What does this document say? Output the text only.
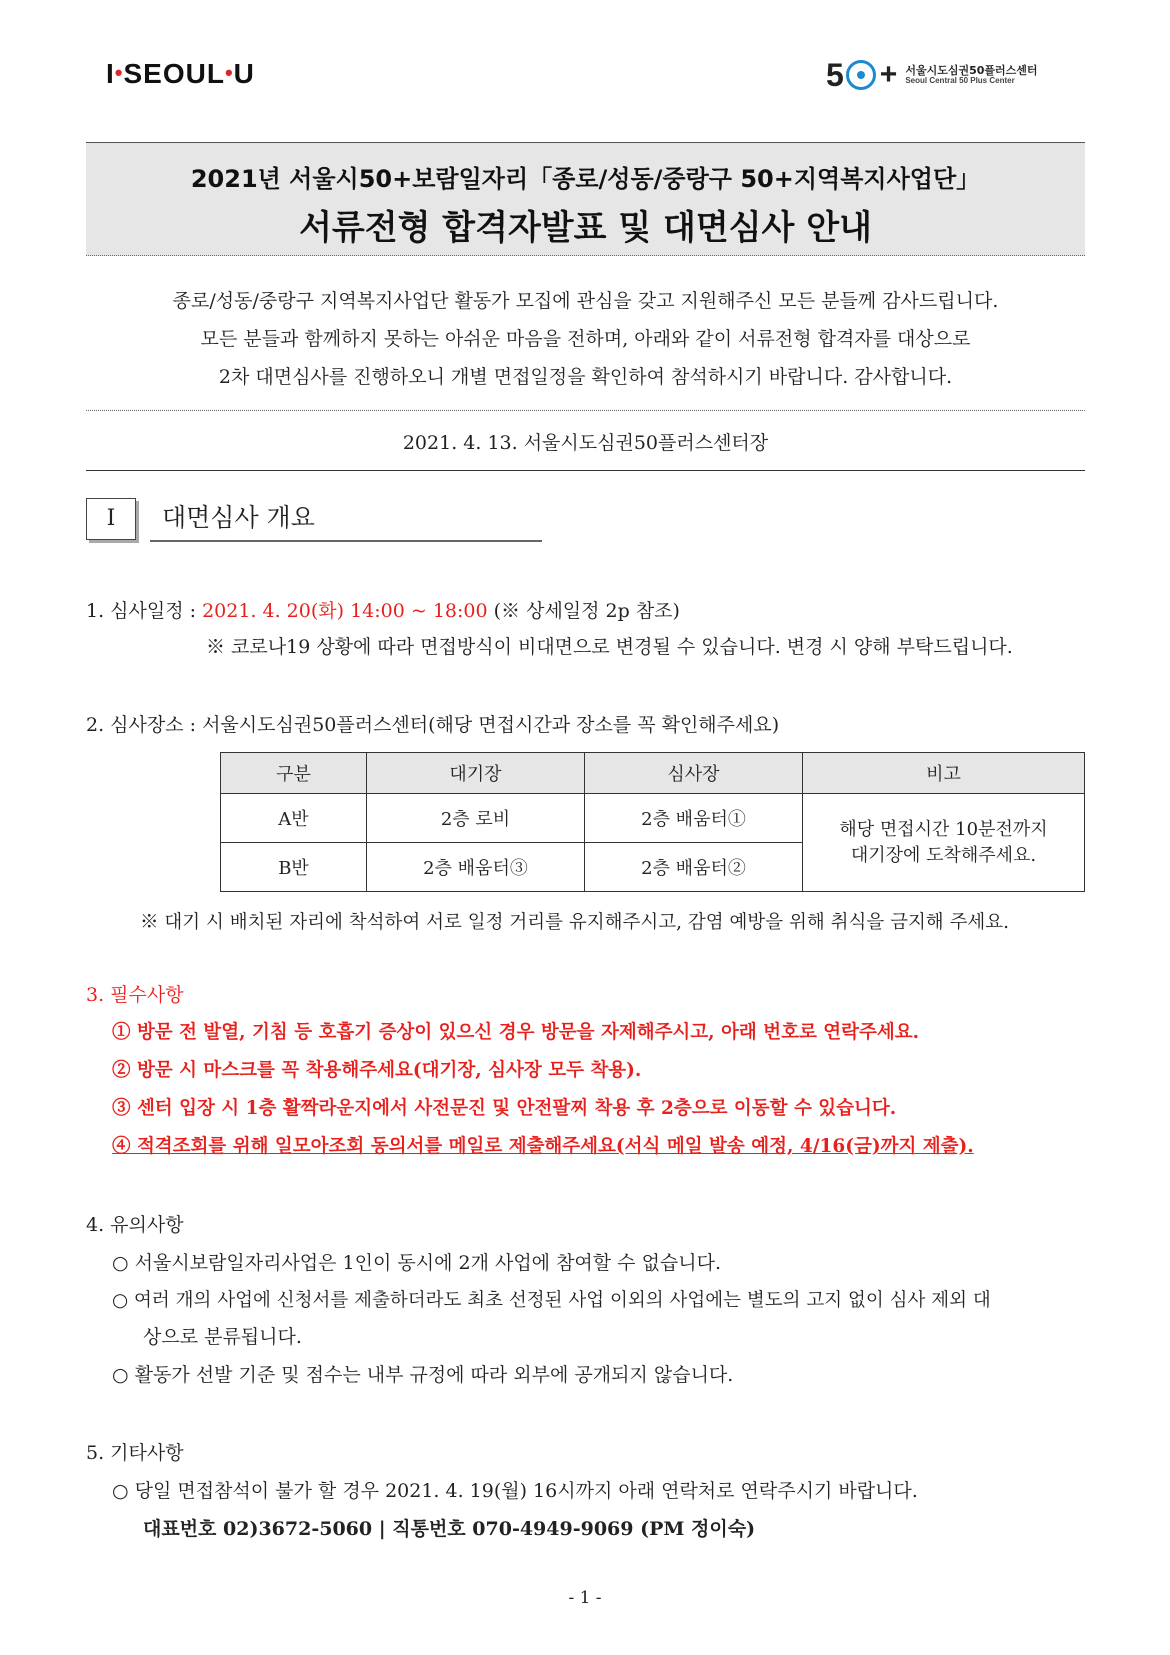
I•SEOUL•U	5 + 서울시도심권50플러스센터
Seoul Central 50 Plus Center
2021년 서울시50+보람일자리「종로/성동/중랑구 50+지역복지사업단」
서류전형 합격자발표 및 대면심사 안내
종로/성동/중랑구 지역복지사업단 활동가 모집에 관심을 갖고 지원해주신 모든 분들께 감사드립니다.
모든 분들과 함께하지 못하는 아쉬운 마음을 전하며, 아래와 같이 서류전형 합격자를 대상으로
2차 대면심사를 진행하오니 개별 면접일정을 확인하여 참석하시기 바랍니다. 감사합니다.
2021. 4. 13. 서울시도심권50플러스센터장
I	대면심사 개요
1. 심사일정 : 2021. 4. 20(화) 14:00 ~ 18:00 (※ 상세일정 2p 참조)
※ 코로나19 상황에 따라 면접방식이 비대면으로 변경될 수 있습니다. 변경 시 양해 부탁드립니다.
2. 심사장소 : 서울시도심권50플러스센터(해당 면접시간과 장소를 꼭 확인해주세요)
구분	대기장	심사장	비고
A반	2층 로비	2층 배움터①	해당 면접시간 10분전까지
대기장에 도착해주세요.

B반	2층 배움터③	2층 배움터②	
※ 대기 시 배치된 자리에 착석하여 서로 일정 거리를 유지해주시고, 감염 예방을 위해 취식을 금지해 주세요.
3. 필수사항
① 방문 전 발열, 기침 등 호흡기 증상이 있으신 경우 방문을 자제해주시고, 아래 번호로 연락주세요.
② 방문 시 마스크를 꼭 착용해주세요(대기장, 심사장 모두 착용).
③ 센터 입장 시 1층 활짝라운지에서 사전문진 및 안전팔찌 착용 후 2층으로 이동할 수 있습니다.
④ 적격조회를 위해 일모아조회 동의서를 메일로 제출해주세요(서식 메일 발송 예정, 4/16(금)까지 제출).
4. 유의사항
○ 서울시보람일자리사업은 1인이 동시에 2개 사업에 참여할 수 없습니다.
○ 여러 개의 사업에 신청서를 제출하더라도 최초 선정된 사업 이외의 사업에는 별도의 고지 없이 심사 제외 대
상으로 분류됩니다.
○ 활동가 선발 기준 및 점수는 내부 규정에 따라 외부에 공개되지 않습니다.
5. 기타사항
○ 당일 면접참석이 불가 할 경우 2021. 4. 19(월) 16시까지 아래 연락처로 연락주시기 바랍니다.
대표번호 02)3672-5060 | 직통번호 070-4949-9069 (PM 정이숙)
- 1 -
